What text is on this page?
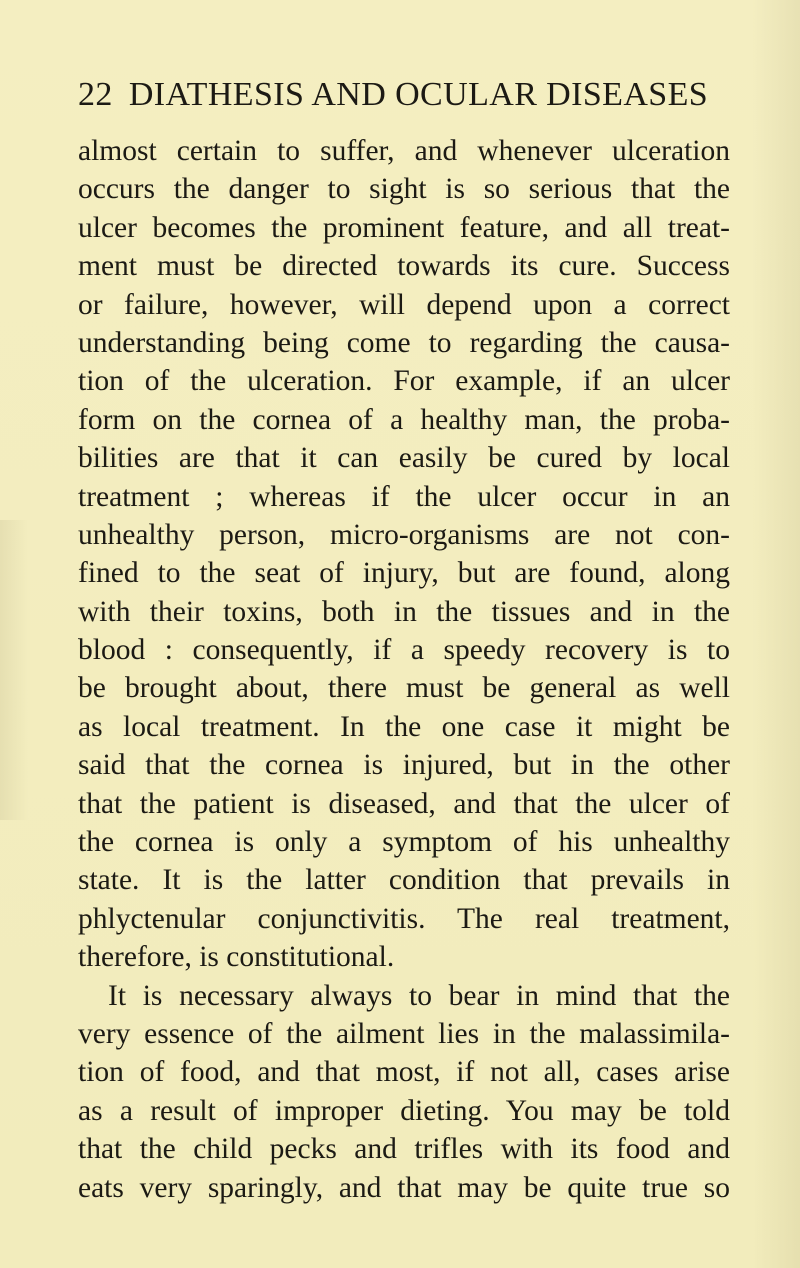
22 DIATHESIS AND OCULAR DISEASES
almost certain to suffer, and whenever ulceration
occurs the danger to sight is so serious that the
ulcer becomes the prominent feature, and all treat-
ment must be directed towards its cure. Success
or failure, however, will depend upon a correct
understanding being come to regarding the causa-
tion of the ulceration. For example, if an ulcer
form on the cornea of a healthy man, the proba-
bilities are that it can easily be cured by local
treatment ; whereas if the ulcer occur in an
unhealthy person, micro-organisms are not con-
fined to the seat of injury, but are found, along
with their toxins, both in the tissues and in the
blood : consequently, if a speedy recovery is to
be brought about, there must be general as well
as local treatment. In the one case it might be
said that the cornea is injured, but in the other
that the patient is diseased, and that the ulcer of
the cornea is only a symptom of his unhealthy
state. It is the latter condition that prevails in
phlyctenular conjunctivitis. The real treatment,
therefore, is constitutional.
It is necessary always to bear in mind that the
very essence of the ailment lies in the malassimila-
tion of food, and that most, if not all, cases arise
as a result of improper dieting. You may be told
that the child pecks and trifles with its food and
eats very sparingly, and that may be quite true so
